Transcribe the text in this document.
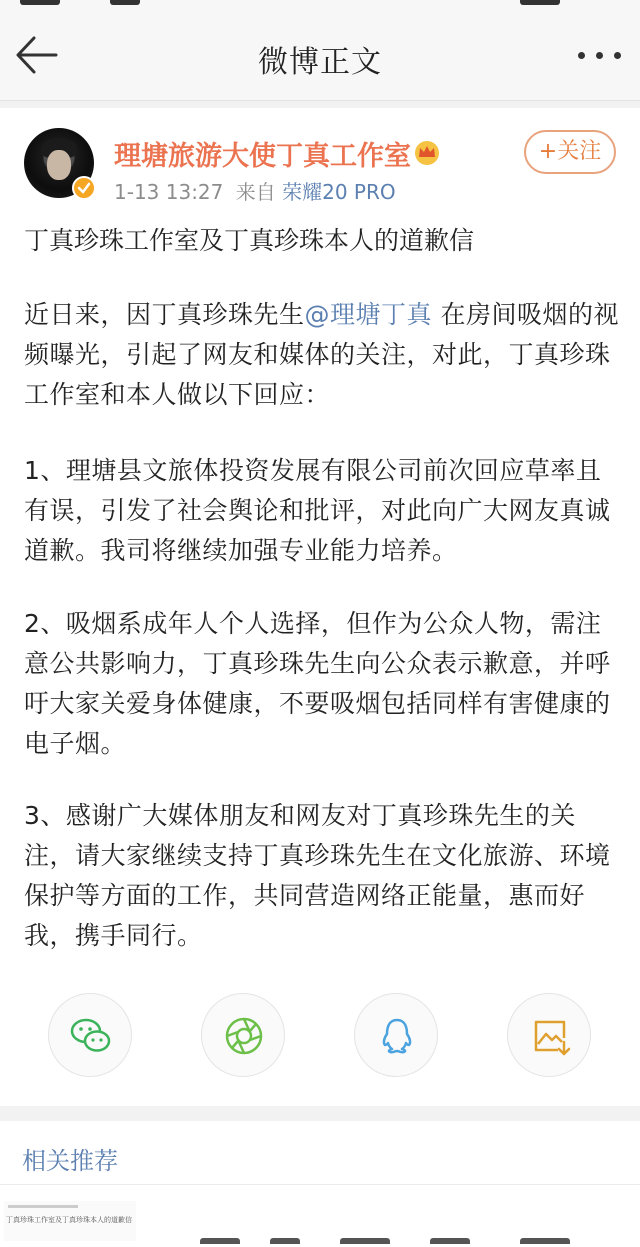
微博正文
理塘旅游大使丁真工作室
1-13 13:27 来自 荣耀20 PRO
+关注
丁真珍珠工作室及丁真珍珠本人的道歉信
近日来，因丁真珍珠先生@理塘丁真 在房间吸烟的视频曝光，引起了网友和媒体的关注，对此，丁真珍珠工作室和本人做以下回应：
1、理塘县文旅体投资发展有限公司前次回应草率且有误，引发了社会舆论和批评，对此向广大网友真诚道歉。我司将继续加强专业能力培养。
2、吸烟系成年人个人选择，但作为公众人物，需注意公共影响力，丁真珍珠先生向公众表示歉意，并呼吁大家关爱身体健康，不要吸烟包括同样有害健康的电子烟。
3、感谢广大媒体朋友和网友对丁真珍珠先生的关注，请大家继续支持丁真珍珠先生在文化旅游、环境保护等方面的工作，共同营造网络正能量，惠而好我，携手同行。
相关推荐
丁真珍珠工作室及丁真珍珠本人的道歉信
